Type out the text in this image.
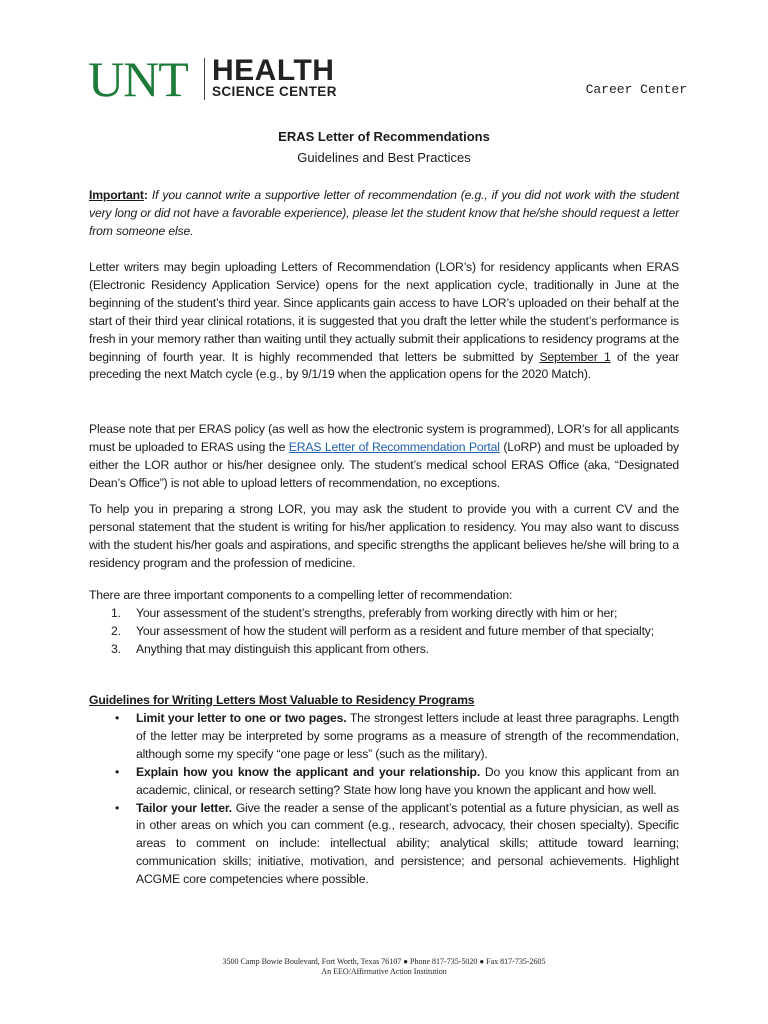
UNT HEALTH
SCIENCE CENTER	Career Center
ERAS Letter of Recommendations
Guidelines and Best Practices
Important: If you cannot write a supportive letter of recommendation (e.g., if you did not work with the student very long or did not have a favorable experience), please let the student know that he/she should request a letter from someone else.
Letter writers may begin uploading Letters of Recommendation (LOR’s) for residency applicants when ERAS (Electronic Residency Application Service) opens for the next application cycle, traditionally in June at the beginning of the student’s third year. Since applicants gain access to have LOR’s uploaded on their behalf at the start of their third year clinical rotations, it is suggested that you draft the letter while the student’s performance is fresh in your memory rather than waiting until they actually submit their applications to residency programs at the beginning of fourth year. It is highly recommended that letters be submitted by September 1 of the year preceding the next Match cycle (e.g., by 9/1/19 when the application opens for the 2020 Match).
Please note that per ERAS policy (as well as how the electronic system is programmed), LOR’s for all applicants must be uploaded to ERAS using the ERAS Letter of Recommendation Portal (LoRP) and must be uploaded by either the LOR author or his/her designee only. The student’s medical school ERAS Office (aka, “Designated Dean’s Office”) is not able to upload letters of recommendation, no exceptions.
To help you in preparing a strong LOR, you may ask the student to provide you with a current CV and the personal statement that the student is writing for his/her application to residency. You may also want to discuss with the student his/her goals and aspirations, and specific strengths the applicant believes he/she will bring to a residency program and the profession of medicine.
There are three important components to a compelling letter of recommendation:
1. Your assessment of the student’s strengths, preferably from working directly with him or her;
2. Your assessment of how the student will perform as a resident and future member of that specialty;
3. Anything that may distinguish this applicant from others.
Guidelines for Writing Letters Most Valuable to Residency Programs
• Limit your letter to one or two pages. The strongest letters include at least three paragraphs. Length of the letter may be interpreted by some programs as a measure of strength of the recommendation, although some my specify “one page or less” (such as the military).
• Explain how you know the applicant and your relationship. Do you know this applicant from an academic, clinical, or research setting? State how long have you known the applicant and how well.
• Tailor your letter. Give the reader a sense of the applicant’s potential as a future physician, as well as in other areas on which you can comment (e.g., research, advocacy, their chosen specialty). Specific areas to comment on include: intellectual ability; analytical skills; attitude toward learning; communication skills; initiative, motivation, and persistence; and personal achievements. Highlight ACGME core competencies where possible.
3500 Camp Bowie Boulevard, Fort Worth, Texas 76107 ● Phone 817-735-5020 ● Fax 817-735-2605
An EEO/Affirmative Action Institution
